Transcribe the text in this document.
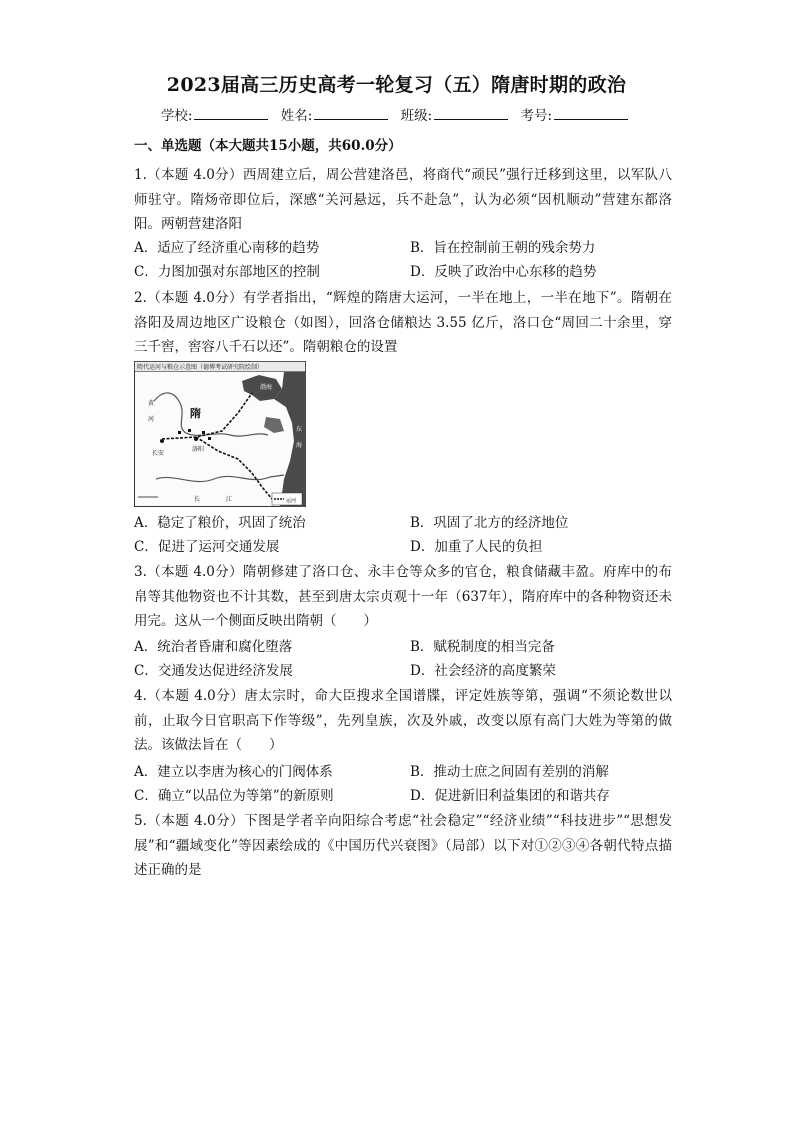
2023届高三历史高考一轮复习（五）隋唐时期的政治
学校:	姓名:	班级:	考号:
一、单选题（本大题共15小题，共60.0分）
1.（本题 4.0分）西周建立后，周公营建洛邑，将商代“顽民”强行迁移到这里，以军队八师驻守。隋炀帝即位后，深感“关河悬远，兵不赴急”，认为必须“因机顺动”营建东都洛阳。两朝营建洛阳
A．适应了经济重心南移的趋势	B．旨在控制前王朝的残余势力
C．力图加强对东部地区的控制	D．反映了政治中心东移的趋势
2.（本题 4.0分）有学者指出，“辉煌的隋唐大运河，一半在地上，一半在地下”。隋朝在洛阳及周边地区广设粮仓（如图），回洛仓储粮达 3.55 亿斤，洛口仓“周回二十余里，穿三千窖，窖容八千石以还”。隋朝粮仓的设置
隋代运河与粮仓示意图（德博考试研究院绘制）
隋
长安
洛阳
渤海
东
海
黄
河
长	江	运河
A．稳定了粮价，巩固了统治	B．巩固了北方的经济地位
C．促进了运河交通发展	D．加重了人民的负担
3.（本题 4.0分）隋朝修建了洛口仓、永丰仓等众多的官仓，粮食储藏丰盈。府库中的布帛等其他物资也不计其数，甚至到唐太宗贞观十一年（637年），隋府库中的各种物资还未用完。这从一个侧面反映出隋朝（　　）
A．统治者昏庸和腐化堕落	B．赋税制度的相当完备
C．交通发达促进经济发展	D．社会经济的高度繁荣
4.（本题 4.0分）唐太宗时，命大臣搜求全国谱牒，评定姓族等第，强调“不须论数世以前，止取今日官职高下作等级”，先列皇族，次及外戚，改变以原有高门大姓为等第的做法。该做法旨在（　　）
A．建立以李唐为核心的门阀体系	B．推动士庶之间固有差别的消解
C．确立“以品位为等第”的新原则	D．促进新旧利益集团的和谐共存
5.（本题 4.0分）下图是学者辛向阳综合考虑“社会稳定”“经济业绩”“科技进步”“思想发展”和“疆域变化”等因素绘成的《中国历代兴衰图》（局部）以下对①②③④各朝代特点描述正确的是
